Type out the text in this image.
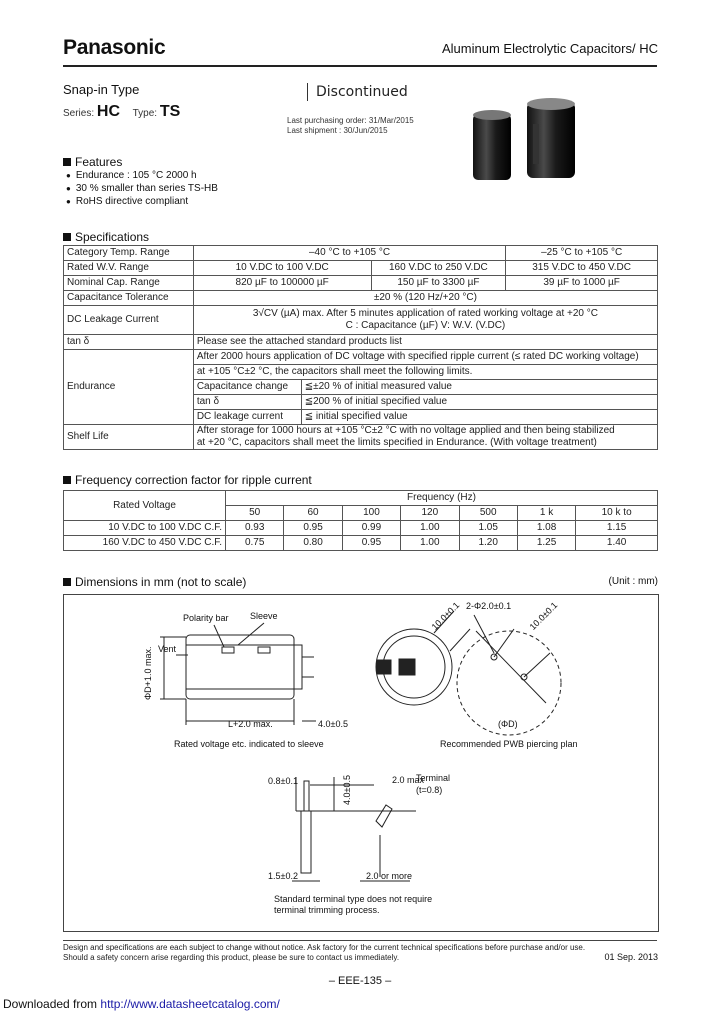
Panasonic	Aluminum Electrolytic Capacitors/ HC
Snap-in Type
Series: HC Type: TS
Discontinued
Last purchasing order: 31/Mar/2015
Last shipment : 30/Jun/2015
Features
● Endurance : 105 °C 2000 h
● 30 % smaller than series TS-HB
● RoHS directive compliant
Specifications
Category Temp. Range	–40 °C to +105 °C			–25 °C to +105 °C
Rated W.V. Range	10 V.DC to 100 V.DC		160 V.DC to 250 V.DC	315 V.DC to 450 V.DC
Nominal Cap. Range	820 µF to 100000 µF		150 µF to 3300 µF	39 µF to 1000 µF
Capacitance Tolerance	±20 % (120 Hz/+20 °C)			
DC Leakage Current	3√CV (µA) max. After 5 minutes application of rated working voltage at +20 °C
C : Capacitance (µF) V: W.V. (V.DC)			

tan δ	Please see the attached standard products list			
Endurance	After 2000 hours application of DC voltage with specified ripple current (≤ rated DC working voltage)			
	at +105 °C±2 °C, the capacitors shall meet the following limits.			
	Capacitance change	≦±20 % of initial measured value		
	tan δ	≦200 % of initial specified value		
	DC leakage current	≦ initial specified value		
Shelf Life	After storage for 1000 hours at +105 °C±2 °C with no voltage applied and then being stabilized
at +20 °C, capacitors shall meet the limits specified in Endurance. (With voltage treatment)			
Frequency correction factor for ripple current
Rated Voltage	Frequency (Hz)						
	50	60	100	120	500	1 k	10 k to
10 V.DC to 100 V.DC C.F.	0.93	0.95	0.99	1.00	1.05	1.08	1.15
160 V.DC to 450 V.DC C.F.	0.75	0.80	0.95	1.00	1.20	1.25	1.40
Dimensions in mm (not to scale)	(Unit : mm)
Polarity bar Sleeve
Vent
ΦD+1.0 max.
L+2.0 max.	4.0±0.5
Rated voltage etc. indicated to sleeve
2-Φ2.0±0.1
10.0±0.1	10.0±0.1
(ΦD)
Recommended PWB piercing plan
0.8±0.1	2.0 max
4.0±0.5	Terminal
(t=0.8)
1.5±0.2	2.0 or more
Standard terminal type does not require
terminal trimming process.
Design and specifications are each subject to change without notice. Ask factory for the current technical specifications before purchase and/or use.
Should a safety concern arise regarding this product, please be sure to contact us immediately.	01 Sep. 2013
– EEE-135 –
Downloaded from http://www.datasheetcatalog.com/
